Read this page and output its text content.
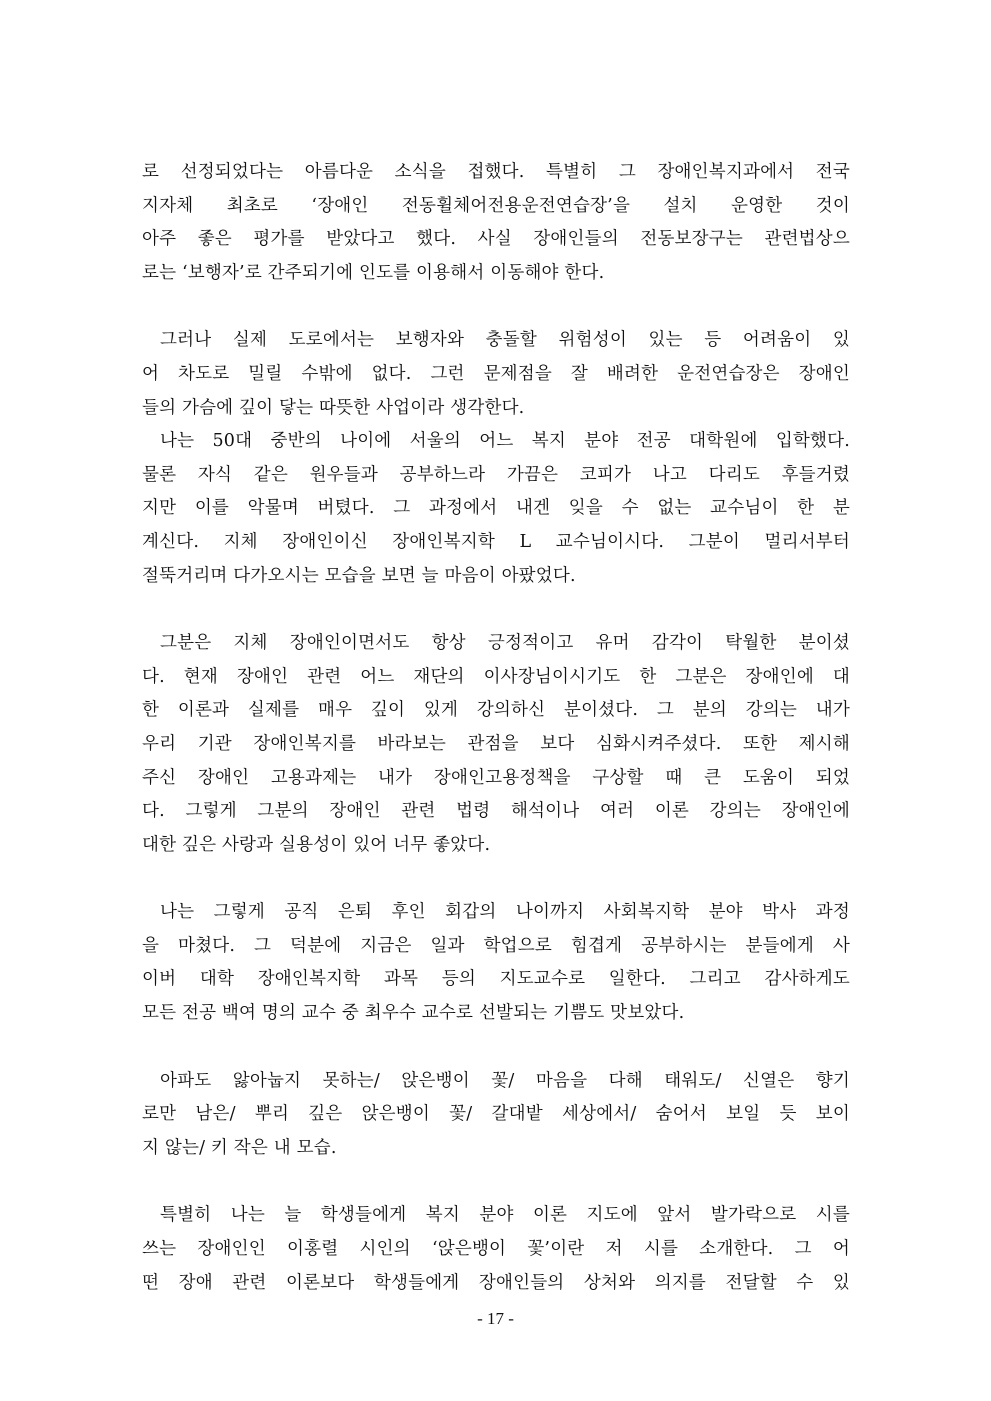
로 선정되었다는 아름다운 소식을 접했다. 특별히 그 장애인복지과에서 전국
지자체 최초로 ‘장애인 전동휠체어전용운전연습장’을 설치 운영한 것이
아주 좋은 평가를 받았다고 했다. 사실 장애인들의 전동보장구는 관련법상으
로는 ‘보행자’로 간주되기에 인도를 이용해서 이동해야 한다.
그러나 실제 도로에서는 보행자와 충돌할 위험성이 있는 등 어려움이 있
어 차도로 밀릴 수밖에 없다. 그런 문제점을 잘 배려한 운전연습장은 장애인
들의 가슴에 깊이 닿는 따뜻한 사업이라 생각한다.
나는 50대 중반의 나이에 서울의 어느 복지 분야 전공 대학원에 입학했다.
물론 자식 같은 원우들과 공부하느라 가끔은 코피가 나고 다리도 후들거렸
지만 이를 악물며 버텼다. 그 과정에서 내겐 잊을 수 없는 교수님이 한 분
계신다. 지체 장애인이신 장애인복지학 L 교수님이시다. 그분이 멀리서부터
절뚝거리며 다가오시는 모습을 보면 늘 마음이 아팠었다.
그분은 지체 장애인이면서도 항상 긍정적이고 유머 감각이 탁월한 분이셨
다. 현재 장애인 관련 어느 재단의 이사장님이시기도 한 그분은 장애인에 대
한 이론과 실제를 매우 깊이 있게 강의하신 분이셨다. 그 분의 강의는 내가
우리 기관 장애인복지를 바라보는 관점을 보다 심화시켜주셨다. 또한 제시해
주신 장애인 고용과제는 내가 장애인고용정책을 구상할 때 큰 도움이 되었
다. 그렇게 그분의 장애인 관련 법령 해석이나 여러 이론 강의는 장애인에
대한 깊은 사랑과 실용성이 있어 너무 좋았다.
나는 그렇게 공직 은퇴 후인 회갑의 나이까지 사회복지학 분야 박사 과정
을 마쳤다. 그 덕분에 지금은 일과 학업으로 힘겹게 공부하시는 분들에게 사
이버 대학 장애인복지학 과목 등의 지도교수로 일한다. 그리고 감사하게도
모든 전공 백여 명의 교수 중 최우수 교수로 선발되는 기쁨도 맛보았다.
아파도 앓아눕지 못하는/ 앉은뱅이 꽃/ 마음을 다해 태워도/ 신열은 향기
로만 남은/ 뿌리 깊은 앉은뱅이 꽃/ 갈대밭 세상에서/ 숨어서 보일 듯 보이
지 않는/ 키 작은 내 모습.
특별히 나는 늘 학생들에게 복지 분야 이론 지도에 앞서 발가락으로 시를
쓰는 장애인인 이홍렬 시인의 ‘앉은뱅이 꽃’이란 저 시를 소개한다. 그 어
떤 장애 관련 이론보다 학생들에게 장애인들의 상처와 의지를 전달할 수 있
- 17 -
